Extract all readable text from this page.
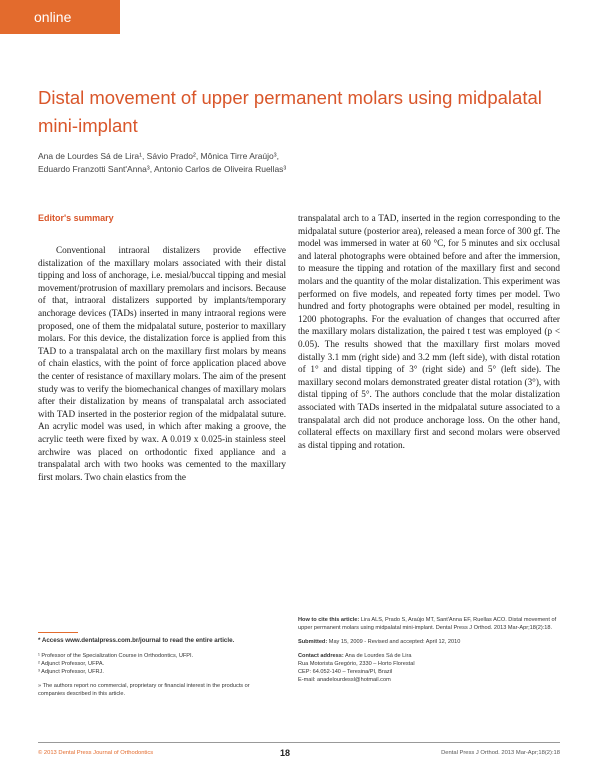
online article*
Distal movement of upper permanent molars using midpalatal mini-implant
Ana de Lourdes Sá de Lira¹, Sávio Prado², Mônica Tirre Araújo³,
Eduardo Franzotti Sant'Anna³, Antonio Carlos de Oliveira Ruellas³
Editor's summary

Conventional intraoral distalizers provide effective distalization of the maxillary molars associated with their distal tipping and loss of anchorage, i.e. mesial/buccal tipping and mesial movement/protrusion of maxillary premolars and incisors. Because of that, intraoral distalizers supported by implants/temporary anchorage devices (TADs) inserted in many intraoral regions were proposed, one of them the midpalatal suture, posterior to maxillary molars. For this device, the distalization force is applied from this TAD to a transpalatal arch on the maxillary first molars by means of chain elastics, with the point of force application placed above the center of resistance of maxillary molars. The aim of the present study was to verify the biomechanical changes of maxillary molars after their distalization by means of transpalatal arch associated with TAD inserted in the posterior region of the midpalatal suture. An acrylic model was used, in which after making a groove, the acrylic teeth were fixed by wax. A 0.019 x 0.025-in stainless steel archwire was placed on orthodontic fixed appliance and a transpalatal arch with two hooks was cemented to the maxillary first molars. Two chain elastics from the

transpalatal arch to a TAD, inserted in the region corresponding to the midpalatal suture (posterior area), released a mean force of 300 gf. The model was immersed in water at 60 °C, for 5 minutes and six occlusal and lateral photographs were obtained before and after the immersion, to measure the tipping and rotation of the maxillary first and second molars and the quantity of the molar distalization. This experiment was performed on five models, and repeated forty times per model. Two hundred and forty photographs were obtained per model, resulting in 1200 photographs. For the evaluation of changes that occurred after the maxillary molars distalization, the paired t test was employed (p < 0.05). The results showed that the maxillary first molars moved distally 3.1 mm (right side) and 3.2 mm (left side), with distal rotation of 1° and distal tipping of 3° (right side) and 5° (left side). The maxillary second molars demonstrated greater distal rotation (3°), with distal tipping of 5°. The authors conclude that the molar distalization associated with TADs inserted in the midpalatal suture associated to a transpalatal arch did not produce anchorage loss. On the other hand, collateral effects on maxillary first and second molars were observed as distal tipping and rotation.

* Access www.dentalpress.com.br/journal to read the entire article.

¹ Professor of the Specialization Course in Orthodontics, UFPI.

² Adjunct Professor, UFPA.

³ Adjunct Professor, UFRJ.

» The authors report no commercial, proprietary or financial interest in the products or companies described in this article.

How to cite this article: Lira ALS, Prado S, Araújo MT, Sant'Anna EF, Ruellas ACO. Distal movement of upper permanent molars using midpalatal mini-implant. Dental Press J Orthod. 2013 Mar-Apr;18(2):18.

Submitted: May 15, 2009 - Revised and accepted: April 12, 2010

Contact address: Ana de Lourdes Sá de Lira

Rua Motorista Gregório, 2330 – Horto Florestal

CEP: 64.052-140 – Teresina/PI, Brazil

E-mail: anadelourdessl@hotmail.com

© 2013 Dental Press Journal of Orthodontics	18	Dental Press J Orthod. 2013 Mar-Apr;18(2):18
